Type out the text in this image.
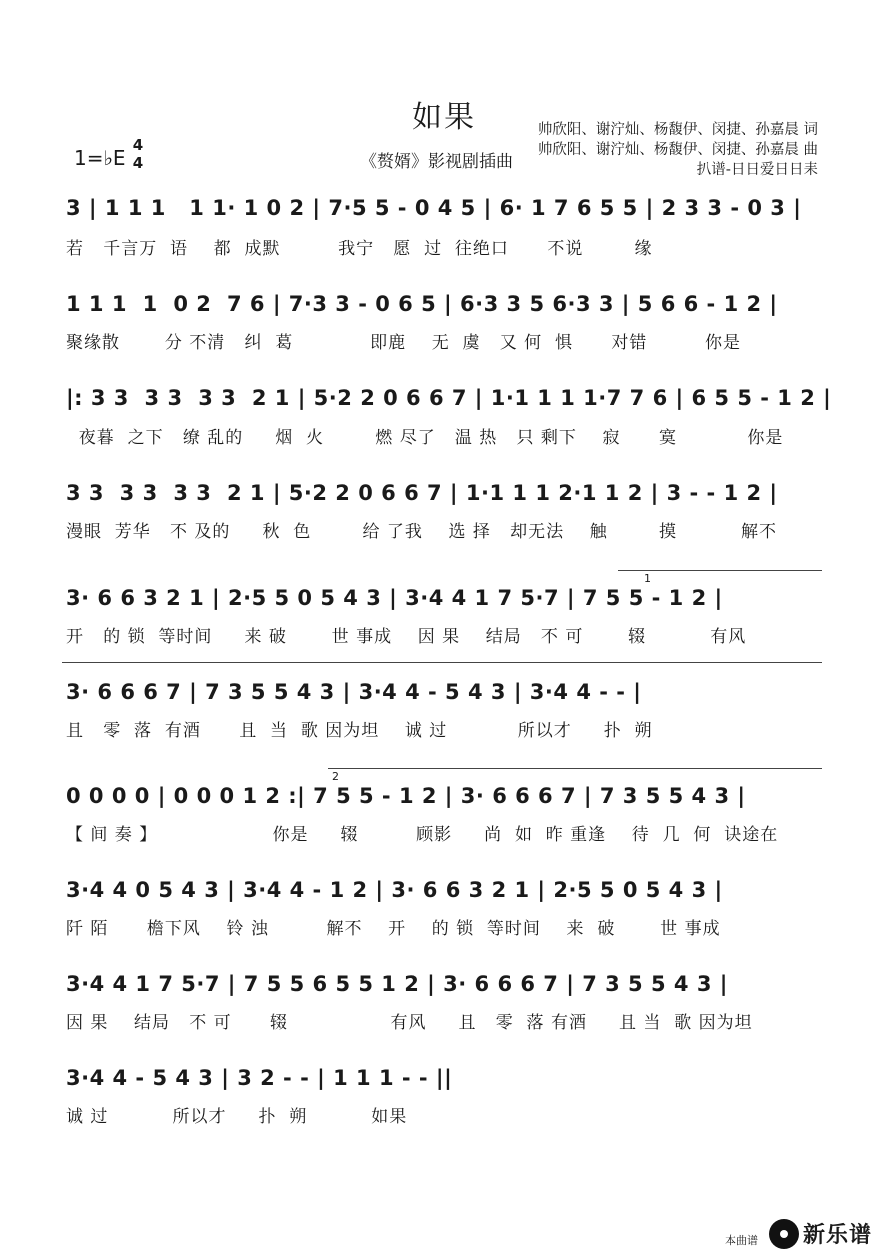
如果
1=♭E
4
4	《赘婿》影视剧插曲
帅欣阳、谢泞灿、杨馥伊、闵捷、孙嘉晨 词
帅欣阳、谢泞灿、杨馥伊、闵捷、孙嘉晨 曲
扒谱-日日爱日日耒
3 | 1 1 1   1 1· 1 0 2 | 7·5 5 - 0 4 5 | 6· 1 7 6 5 5 | 2 3 3 - 0 3 |
若   千言万  语    都  成默         我宁   愿  过  往绝口      不说        缘
1 1 1  1  0 2  7 6 | 7·3 3 - 0 6 5 | 6·3 3 5 6·3 3 | 5 6 6 - 1 2 |
聚缘散       分 不清   纠  葛            即鹿    无  虞   又 何  惧      对错         你是
|: 3 3  3 3  3 3  2 1 | 5·2 2 0 6 6 7 | 1·1 1 1 1·7 7 6 | 6 5 5 - 1 2 |
夜暮  之下   缭 乱的     烟  火        燃 尽了   温 热   只 剩下    寂      寞           你是
3 3  3 3  3 3  2 1 | 5·2 2 0 6 6 7 | 1·1 1 1 2·1 1 2 | 3 - - 1 2 |
漫眼  芳华   不 及的     秋  色        给 了我    选 择   却无法    触        摸          解不
1
3· 6 6 3 2 1 | 2·5 5 0 5 4 3 | 3·4 4 1 7 5·7 | 7 5 5 - 1 2 |
开   的 锁  等时间     来 破       世 事成    因 果    结局   不 可       辍          有风
3· 6 6 6 7 | 7 3 5 5 4 3 | 3·4 4 - 5 4 3 | 3·4 4 - - |
且   零  落  有酒      且  当  歌 因为坦    诚 过           所以才     扑  朔
2
0 0 0 0 | 0 0 0 1 2 :| 7 5 5 - 1 2 | 3· 6 6 6 7 | 7 3 5 5 4 3 |
【 间 奏 】                  你是     辍         顾影     尚  如  昨 重逢    待  几  何  诀途在
3·4 4 0 5 4 3 | 3·4 4 - 1 2 | 3· 6 6 3 2 1 | 2·5 5 0 5 4 3 |
阡 陌      檐下风    铃 浊         解不    开    的 锁  等时间    来  破       世 事成
3·4 4 1 7 5·7 | 7 5 5 6 5 5 1 2 | 3· 6 6 6 7 | 7 3 5 5 4 3 |
因 果    结局   不 可      辍                有风     且   零  落 有酒     且 当  歌 因为坦
3·4 4 - 5 4 3 | 3 2 - - | 1 1 1 - - ||
诚 过          所以才     扑  朔          如果
本曲谱 新乐谱
